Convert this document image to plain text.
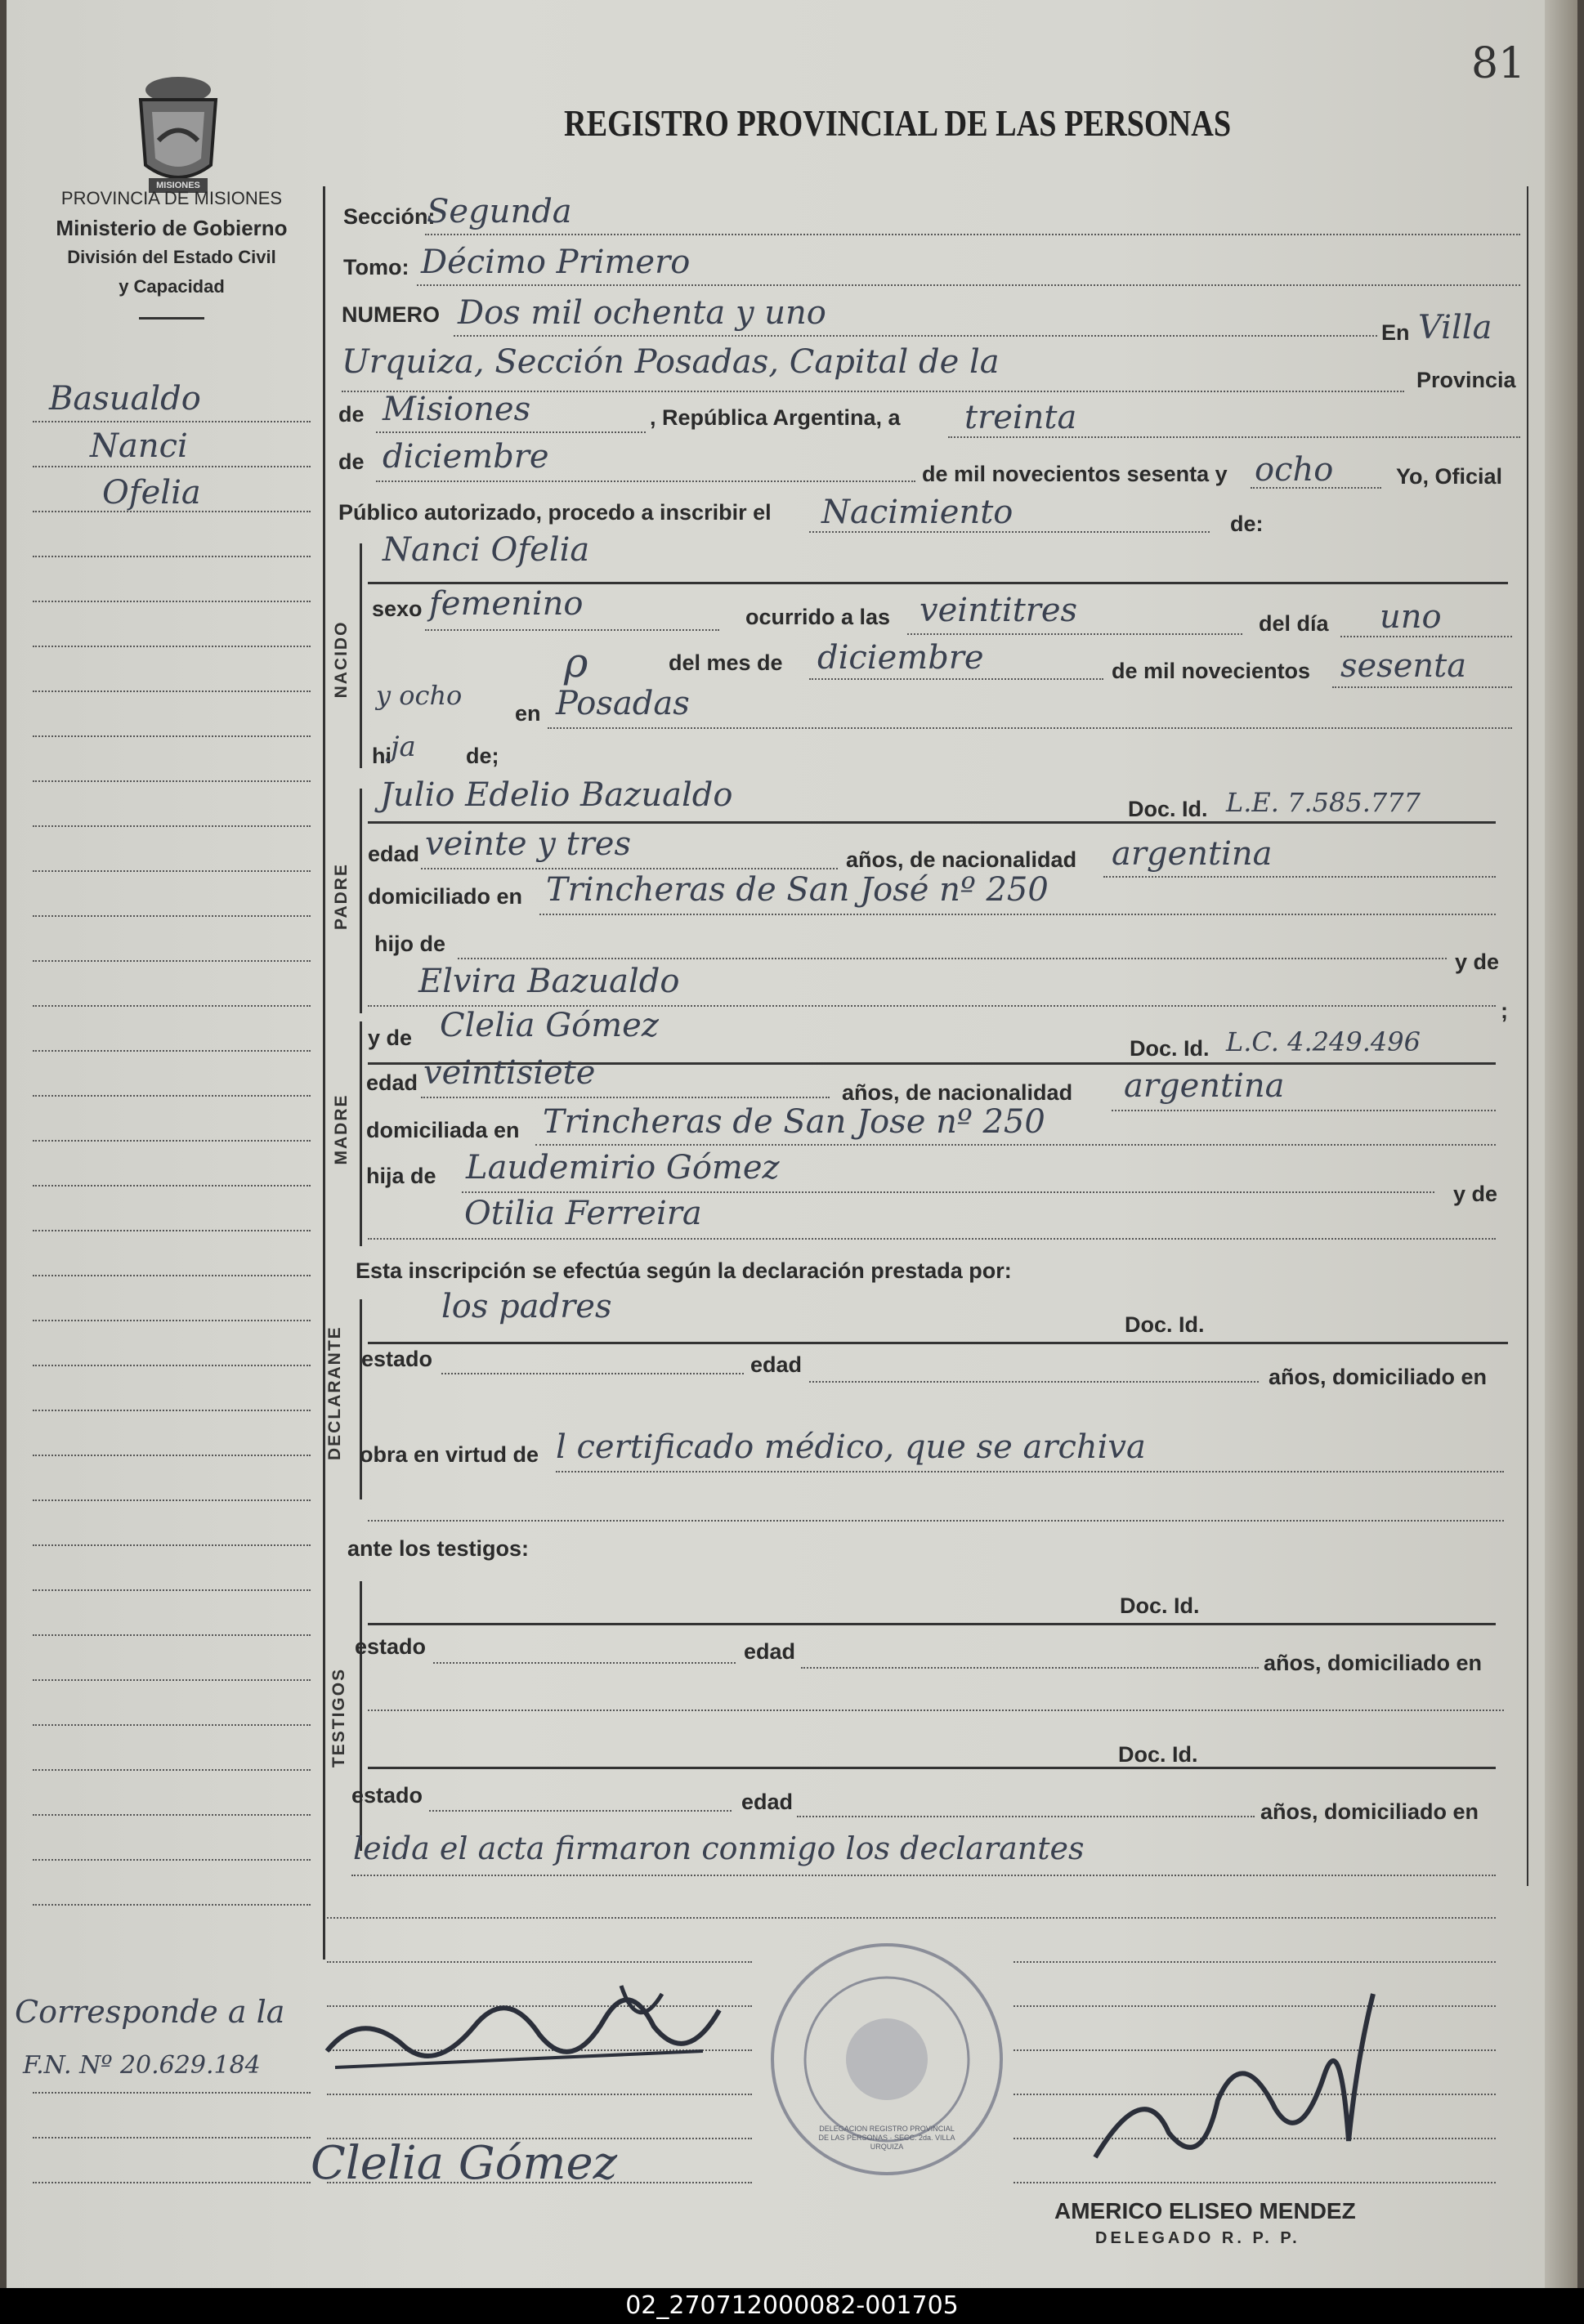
81
MISIONES
PROVINCIA DE MISIONES
Ministerio de Gobierno
División del Estado Civil
y Capacidad
REGISTRO PROVINCIAL DE LAS PERSONAS
Basualdo
Nanci
Ofelia
Sección:
Segunda
Tomo: Décimo Primero
NUMERO Dos mil ochenta y uno
En Villa
Urquiza, Sección Posadas, Capital de la	Provincia
de Misiones	, República Argentina, a treinta
de diciembre	de mil novecientos sesenta y ocho	Yo, Oficial
Público autorizado, procedo a inscribir el Nacimiento	de:
NACIDO
Nanci Ofelia
sexo femenino	ocurrido a las veintitres	del día uno
ρ	del mes de diciembre	de mil novecientos sesenta
y ocho
en Posadas
hi ja de;
PADRE
Julio Edelio Bazualdo	Doc. Id. L.E. 7.585.777
edad veinte y tres	años, de nacionalidad argentina
domiciliado en Trincheras de San José nº 250
hijo de
y de
Elvira Bazualdo
;
MADRE
y de Clelia Gómez
Doc. Id. L.C. 4.249.496
edad veintisiete
años, de nacionalidad argentina
domiciliada en Trincheras de San Jose nº 250
hija de Laudemirio Gómez
y de
Otilia Ferreira
Esta inscripción se efectúa según la declaración prestada por:
DECLARANTE
los padres	Doc. Id.
estado	edad	años, domiciliado en
obra en virtud de l certificado médico, que se archiva
ante los testigos:
TESTIGOS
Doc. Id.
estado	edad	años, domiciliado en
Doc. Id.
estado	edad	años, domiciliado en
leida el acta firmaron conmigo los declarantes
Corresponde a la
F.N. Nº 20.629.184
Clelia Gómez
DELEGACION REGISTRO PROVINCIAL DE LAS PERSONAS · SECC. 2da. VILLA URQUIZA
AMERICO ELISEO MENDEZ
DELEGADO R. P. P.
02_270712000082-001705
